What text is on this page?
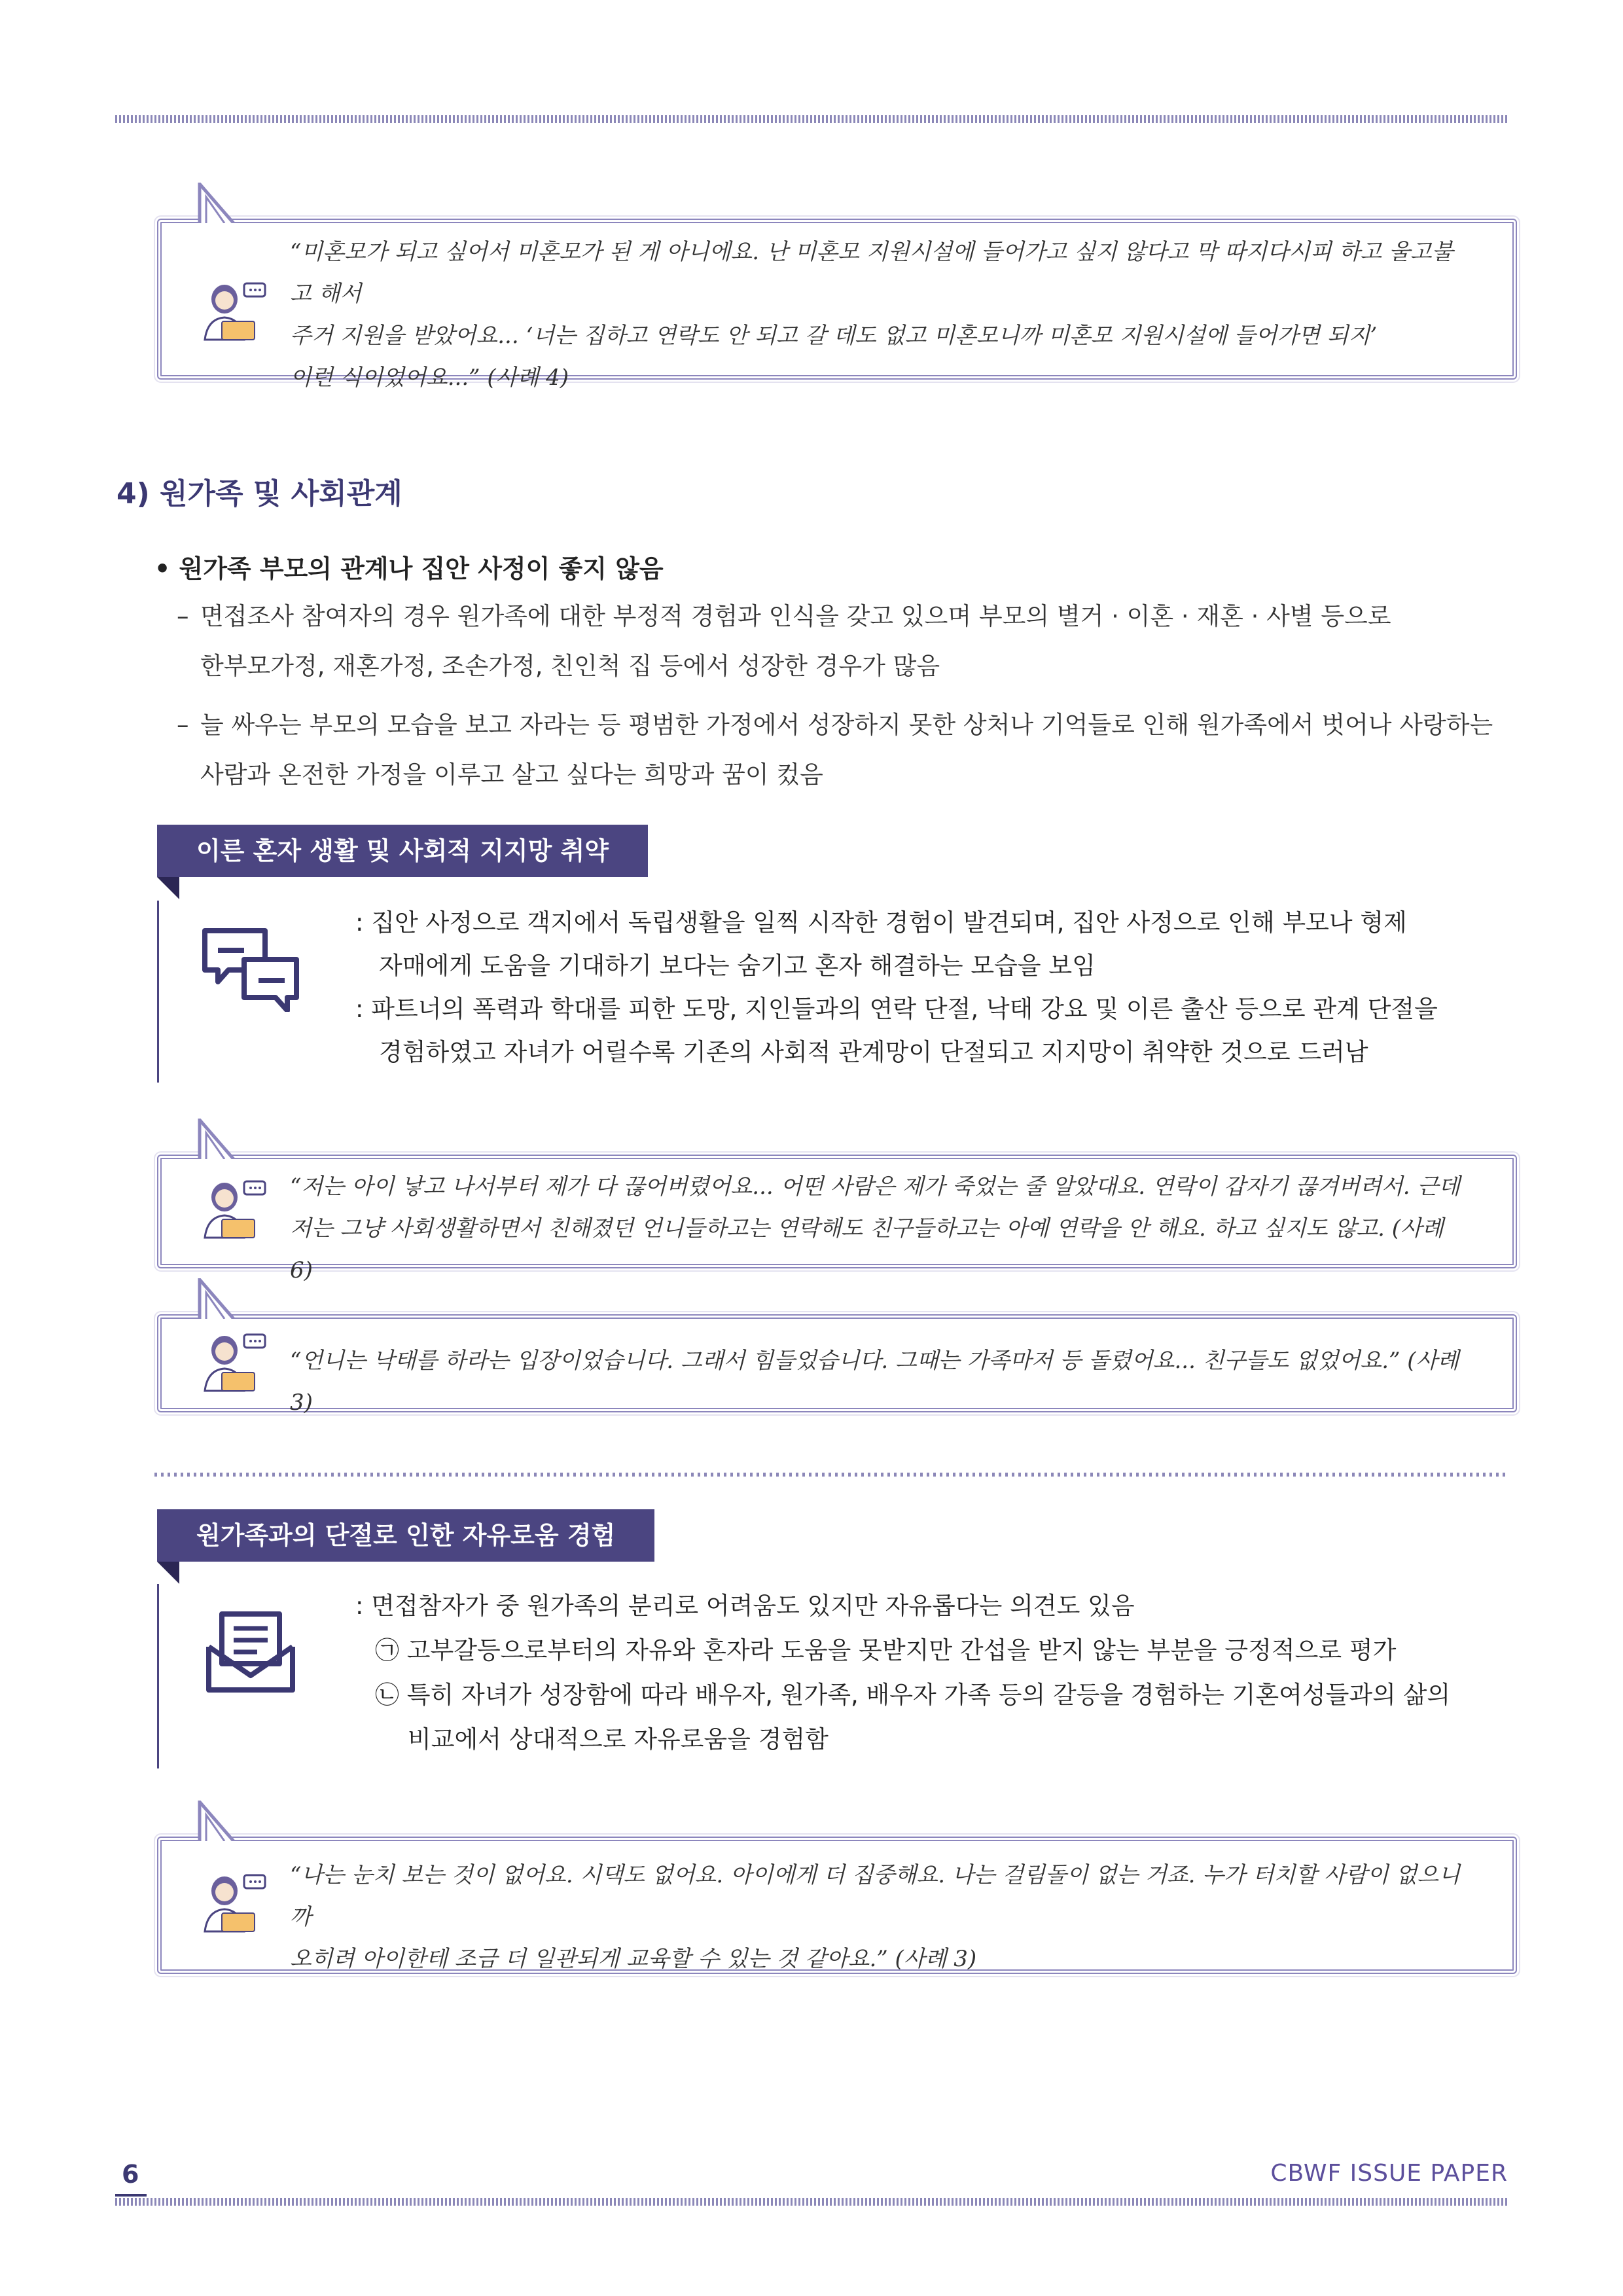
“미혼모가 되고 싶어서 미혼모가 된 게 아니에요. 난 미혼모 지원시설에 들어가고 싶지 않다고 막 따지다시피 하고 울고불고 해서
주거 지원을 받았어요... ‘너는 집하고 연락도 안 되고 갈 데도 없고 미혼모니까 미혼모 지원시설에 들어가면 되지’
이런 식이었어요...” (사례 4)
4) 원가족 및 사회관계
• 원가족 부모의 관계나 집안 사정이 좋지 않음
– 면접조사 참여자의 경우 원가족에 대한 부정적 경험과 인식을 갖고 있으며 부모의 별거 · 이혼 · 재혼 · 사별 등으로
한부모가정, 재혼가정, 조손가정, 친인척 집 등에서 성장한 경우가 많음
– 늘 싸우는 부모의 모습을 보고 자라는 등 평범한 가정에서 성장하지 못한 상처나 기억들로 인해 원가족에서 벗어나 사랑하는
사람과 온전한 가정을 이루고 살고 싶다는 희망과 꿈이 컸음
이른 혼자 생활 및 사회적 지지망 취약
: 집안 사정으로 객지에서 독립생활을 일찍 시작한 경험이 발견되며, 집안 사정으로 인해 부모나 형제
자매에게 도움을 기대하기 보다는 숨기고 혼자 해결하는 모습을 보임
: 파트너의 폭력과 학대를 피한 도망, 지인들과의 연락 단절, 낙태 강요 및 이른 출산 등으로 관계 단절을
경험하였고 자녀가 어릴수록 기존의 사회적 관계망이 단절되고 지지망이 취약한 것으로 드러남
“저는 아이 낳고 나서부터 제가 다 끊어버렸어요... 어떤 사람은 제가 죽었는 줄 알았대요. 연락이 갑자기 끊겨버려서. 근데
저는 그냥 사회생활하면서 친해졌던 언니들하고는 연락해도 친구들하고는 아예 연락을 안 해요. 하고 싶지도 않고. (사례 6)
“언니는 낙태를 하라는 입장이었습니다. 그래서 힘들었습니다. 그때는 가족마저 등 돌렸어요... 친구들도 없었어요.” (사례 3)
원가족과의 단절로 인한 자유로움 경험
: 면접참자가 중 원가족의 분리로 어려움도 있지만 자유롭다는 의견도 있음
㉠ 고부갈등으로부터의 자유와 혼자라 도움을 못받지만 간섭을 받지 않는 부분을 긍정적으로 평가
㉡ 특히 자녀가 성장함에 따라 배우자, 원가족, 배우자 가족 등의 갈등을 경험하는 기혼여성들과의 삶의
비교에서 상대적으로 자유로움을 경험함
“나는 눈치 보는 것이 없어요. 시댁도 없어요. 아이에게 더 집중해요. 나는 걸림돌이 없는 거죠. 누가 터치할 사람이 없으니까
오히려 아이한테 조금 더 일관되게 교육할 수 있는 것 같아요.” (사례 3)
6	CBWF ISSUE PAPER
